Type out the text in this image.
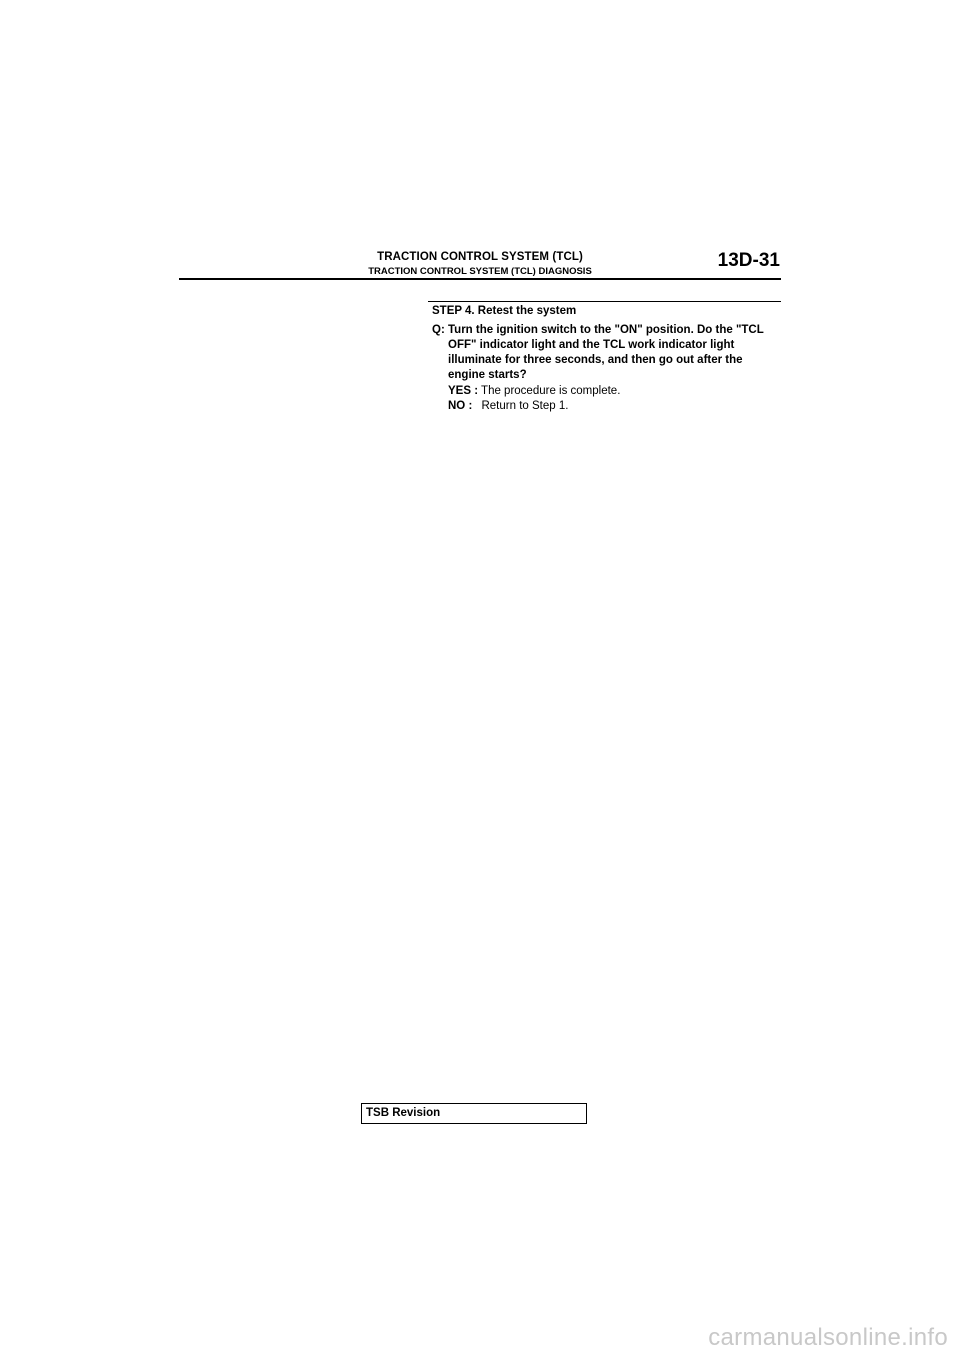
TRACTION CONTROL SYSTEM (TCL)
TRACTION CONTROL SYSTEM (TCL) DIAGNOSIS
13D-31
STEP 4. Retest the system
Q: Turn the ignition switch to the "ON" position. Do the "TCL OFF" indicator light and the TCL work indicator light illuminate for three seconds, and then go out after the engine starts?
YES : The procedure is complete.
NO : Return to Step 1.
TSB Revision
carmanualsonline.info
